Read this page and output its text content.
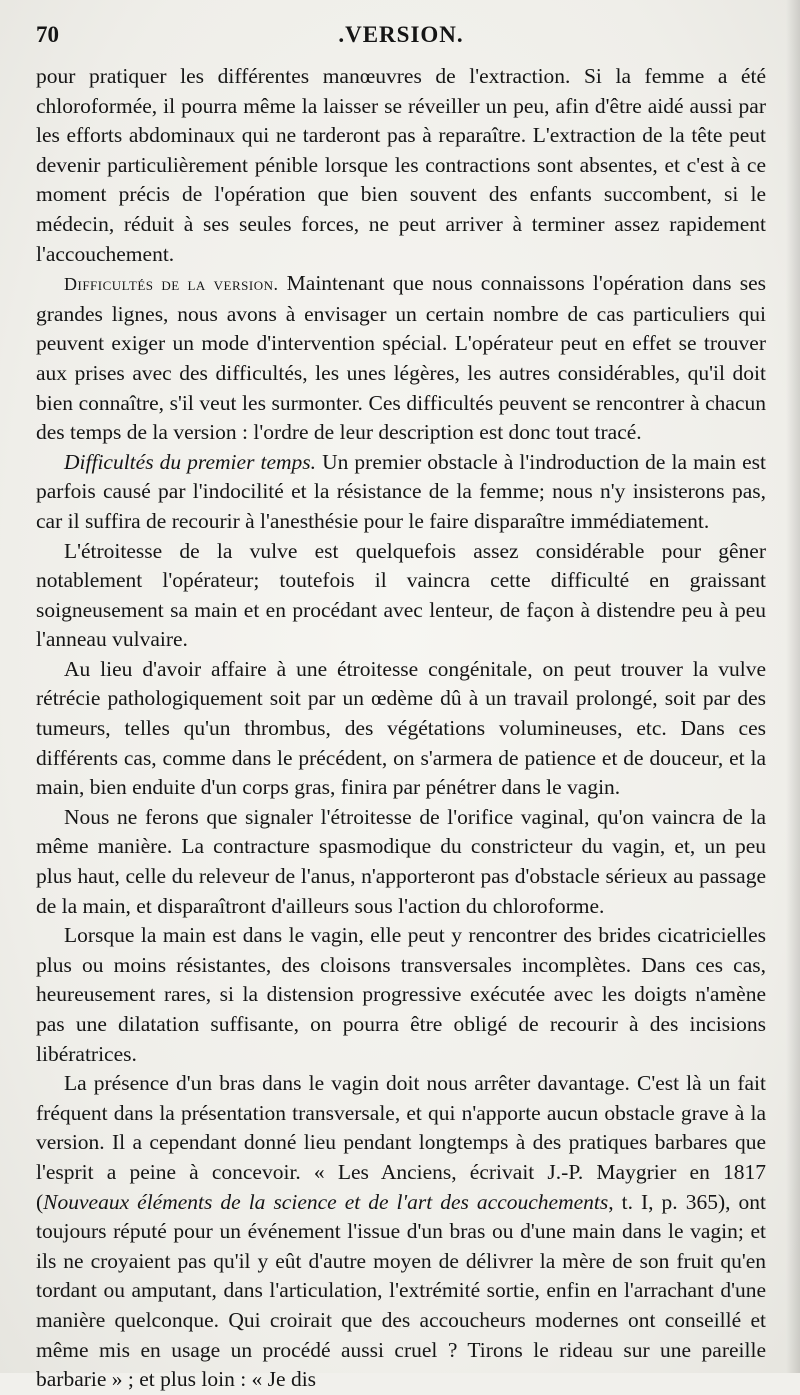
70	.VERSION.

pour pratiquer les différentes manœuvres de l'extraction. Si la femme a été chloroformée, il pourra même la laisser se réveiller un peu, afin d'être aidé aussi par les efforts abdominaux qui ne tarderont pas à reparaître. L'extraction de la tête peut devenir particulièrement pénible lorsque les contractions sont absentes, et c'est à ce moment précis de l'opération que bien souvent des enfants succombent, si le médecin, réduit à ses seules forces, ne peut arriver à terminer assez rapidement l'accouchement.

Difficultés de la version. Maintenant que nous connaissons l'opération dans ses grandes lignes, nous avons à envisager un certain nombre de cas particuliers qui peuvent exiger un mode d'intervention spécial. L'opérateur peut en effet se trouver aux prises avec des difficultés, les unes légères, les autres considérables, qu'il doit bien connaître, s'il veut les surmonter. Ces difficultés peuvent se rencontrer à chacun des temps de la version : l'ordre de leur description est donc tout tracé.

Difficultés du premier temps. Un premier obstacle à l'indroduction de la main est parfois causé par l'indocilité et la résistance de la femme; nous n'y insisterons pas, car il suffira de recourir à l'anesthésie pour le faire disparaître immédiatement.

L'étroitesse de la vulve est quelquefois assez considérable pour gêner notablement l'opérateur; toutefois il vaincra cette difficulté en graissant soigneusement sa main et en procédant avec lenteur, de façon à distendre peu à peu l'anneau vulvaire.

Au lieu d'avoir affaire à une étroitesse congénitale, on peut trouver la vulve rétrécie pathologiquement soit par un œdème dû à un travail prolongé, soit par des tumeurs, telles qu'un thrombus, des végétations volumineuses, etc. Dans ces différents cas, comme dans le précédent, on s'armera de patience et de douceur, et la main, bien enduite d'un corps gras, finira par pénétrer dans le vagin.

Nous ne ferons que signaler l'étroitesse de l'orifice vaginal, qu'on vaincra de la même manière. La contracture spasmodique du constricteur du vagin, et, un peu plus haut, celle du releveur de l'anus, n'apporteront pas d'obstacle sérieux au passage de la main, et disparaîtront d'ailleurs sous l'action du chloroforme.

Lorsque la main est dans le vagin, elle peut y rencontrer des brides cicatricielles plus ou moins résistantes, des cloisons transversales incomplètes. Dans ces cas, heureusement rares, si la distension progressive exécutée avec les doigts n'amène pas une dilatation suffisante, on pourra être obligé de recourir à des incisions libératrices.

La présence d'un bras dans le vagin doit nous arrêter davantage. C'est là un fait fréquent dans la présentation transversale, et qui n'apporte aucun obstacle grave à la version. Il a cependant donné lieu pendant longtemps à des pratiques barbares que l'esprit a peine à concevoir. « Les Anciens, écrivait J.-P. Maygrier en 1817 (Nouveaux éléments de la science et de l'art des accouchements, t. I, p. 365), ont toujours réputé pour un événement l'issue d'un bras ou d'une main dans le vagin; et ils ne croyaient pas qu'il y eût d'autre moyen de délivrer la mère de son fruit qu'en tordant ou amputant, dans l'articulation, l'extrémité sortie, enfin en l'arrachant d'une manière quelconque. Qui croirait que des accoucheurs modernes ont conseillé et même mis en usage un procédé aussi cruel ? Tirons le rideau sur une pareille barbarie » ; et plus loin : « Je dis
